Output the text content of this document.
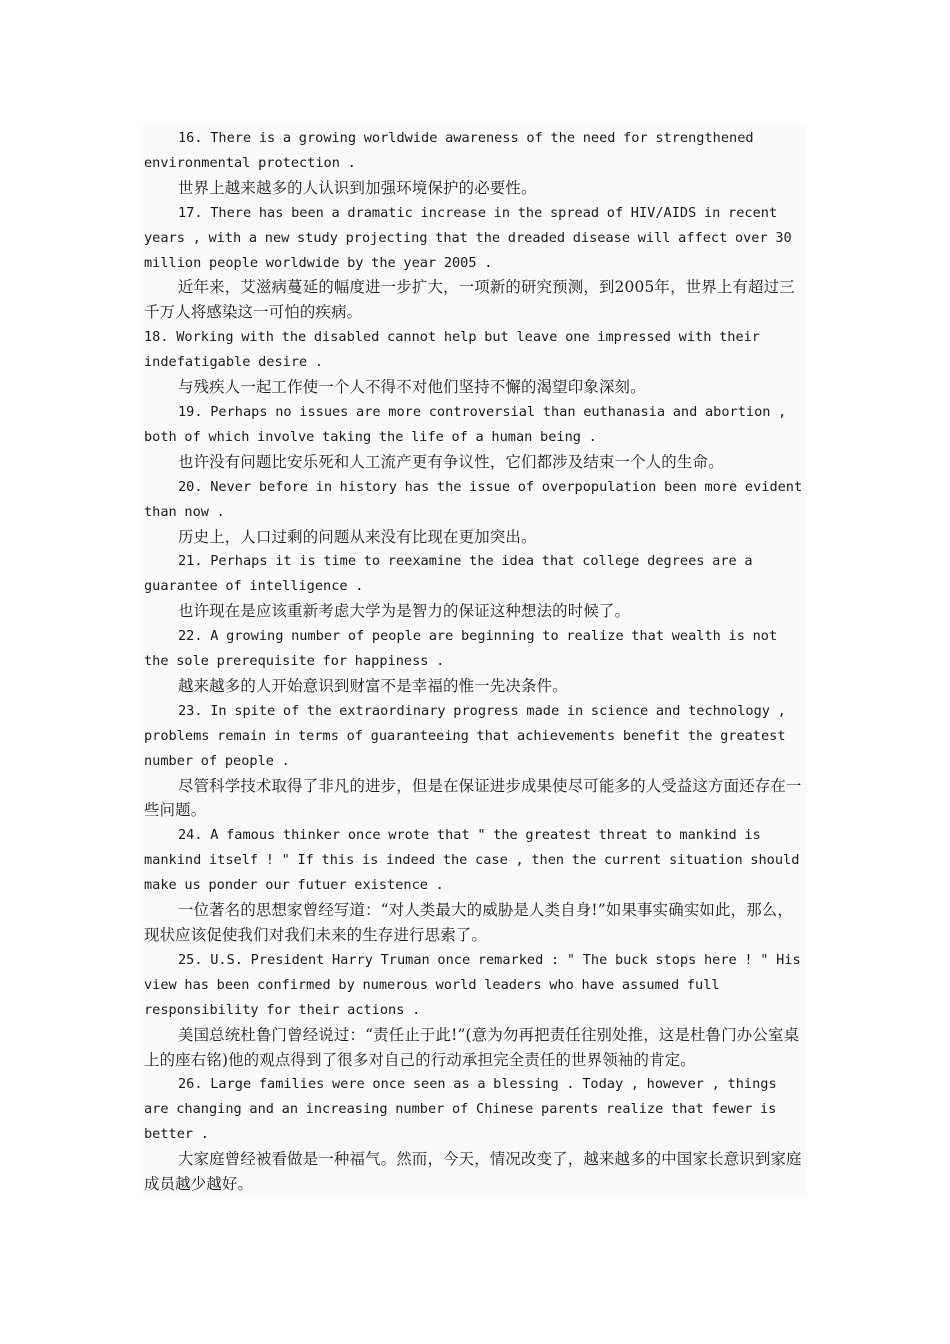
16. There is a growing worldwide awareness of the need for strengthened environmental protection .

世界上越来越多的人认识到加强环境保护的必要性。

17. There has been a dramatic increase in the spread of HIV/AIDS in recent years , with a new study projecting that the dreaded disease will affect over 30 million people worldwide by the year 2005 .

近年来，艾滋病蔓延的幅度进一步扩大，一项新的研究预测，到2005年，世界上有超过三千万人将感染这一可怕的疾病。

18. Working with the disabled cannot help but leave one impressed with their indefatigable desire .

与残疾人一起工作使一个人不得不对他们坚持不懈的渴望印象深刻。

19. Perhaps no issues are more controversial than euthanasia and abortion , both of which involve taking the life of a human being .

也许没有问题比安乐死和人工流产更有争议性，它们都涉及结束一个人的生命。

20. Never before in history has the issue of overpopulation been more evident than now .

历史上，人口过剩的问题从来没有比现在更加突出。

21. Perhaps it is time to reexamine the idea that college degrees are a guarantee of intelligence .

也许现在是应该重新考虑大学为是智力的保证这种想法的时候了。

22. A growing number of people are beginning to realize that wealth is not the sole prerequisite for happiness .

越来越多的人开始意识到财富不是幸福的惟一先决条件。

23. In spite of the extraordinary progress made in science and technology , problems remain in terms of guaranteeing that achievements benefit the greatest number of people .

尽管科学技术取得了非凡的进步，但是在保证进步成果使尽可能多的人受益这方面还存在一些问题。

24. A famous thinker once wrote that " the greatest threat to mankind is mankind itself ! " If this is indeed the case , then the current situation should make us ponder our futuer existence .

一位著名的思想家曾经写道：“对人类最大的威胁是人类自身!”如果事实确实如此，那么，现状应该促使我们对我们未来的生存进行思索了。

25. U.S. President Harry Truman once remarked : " The buck stops here ! " His view has been confirmed by numerous world leaders who have assumed full responsibility for their actions .

美国总统杜鲁门曾经说过：“责任止于此!”(意为勿再把责任往别处推，这是杜鲁门办公室桌上的座右铭)他的观点得到了很多对自己的行动承担完全责任的世界领袖的肯定。

26. Large families were once seen as a blessing . Today , however , things are changing and an increasing number of Chinese parents realize that fewer is better .

大家庭曾经被看做是一种福气。然而，今天，情况改变了，越来越多的中国家长意识到家庭成员越少越好。
